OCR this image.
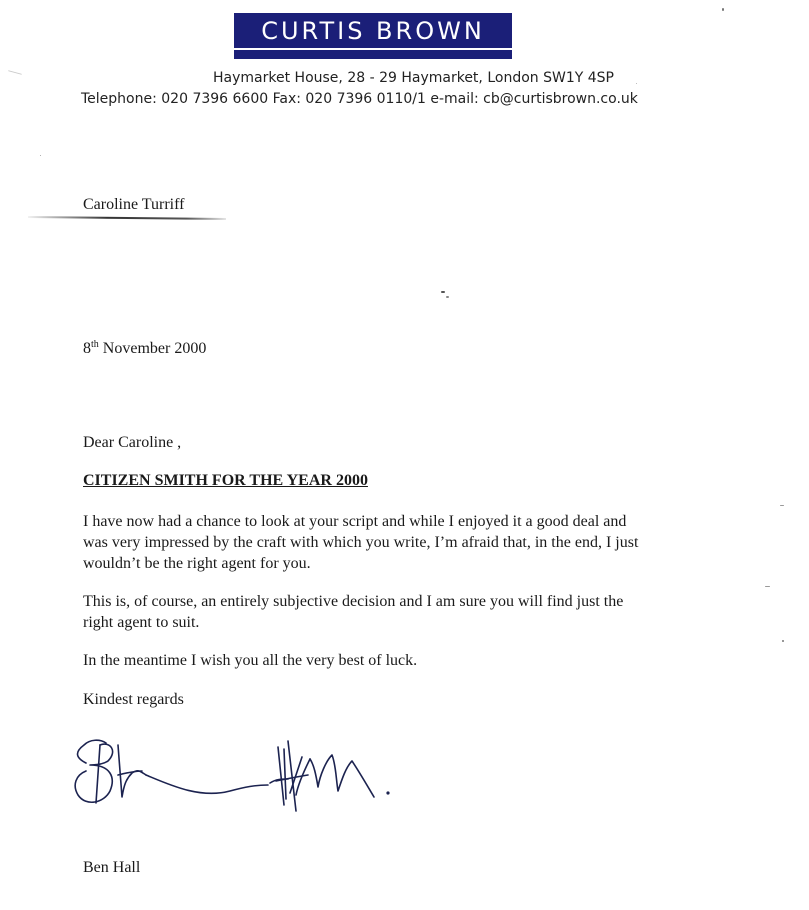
CURTIS BROWN
Haymarket House, 28 - 29 Haymarket, London SW1Y 4SP
Telephone: 020 7396 6600 Fax: 020 7396 0110/1 e-mail: cb@curtisbrown.co.uk
Caroline Turriff
8th November 2000
Dear Caroline ,
CITIZEN SMITH FOR THE YEAR 2000
I have now had a chance to look at your script and while I enjoyed it a good deal and
was very impressed by the craft with which you write, I’m afraid that, in the end, I just
wouldn’t be the right agent for you.
This is, of course, an entirely subjective decision and I am sure you will find just the
right agent to suit.
In the meantime I wish you all the very best of luck.
Kindest regards
Ben Hall
